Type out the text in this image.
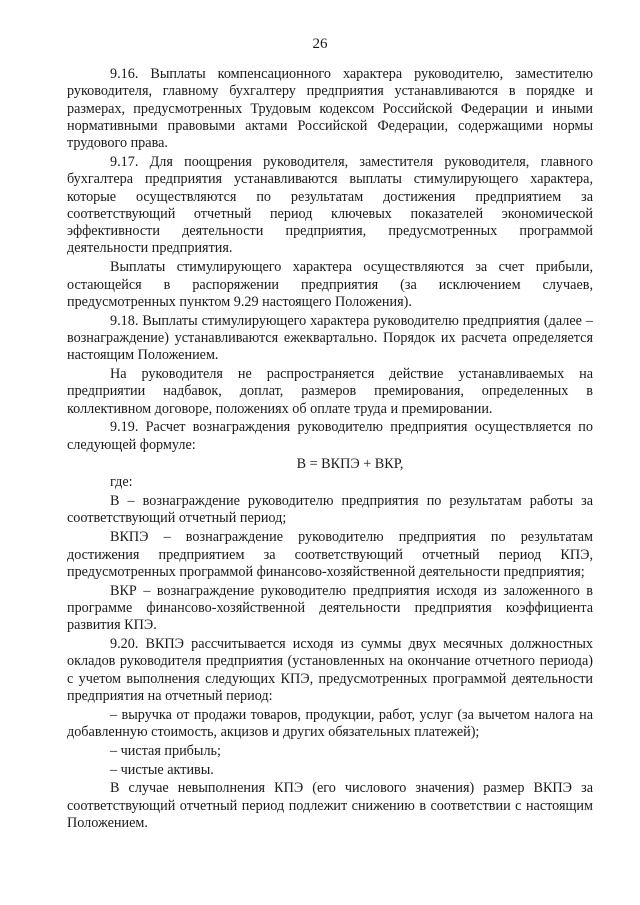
26

9.16. Выплаты компенсационного характера руководителю, заместителю руководителя, главному бухгалтеру предприятия устанавливаются в порядке и размерах, предусмотренных Трудовым кодексом Российской Федерации и иными нормативными правовыми актами Российской Федерации, содержащими нормы трудового права.

9.17. Для поощрения руководителя, заместителя руководителя, главного бухгалтера предприятия устанавливаются выплаты стимулирующего характера, которые осуществляются по результатам достижения предприятием за соответствующий отчетный период ключевых показателей экономической эффективности деятельности предприятия, предусмотренных программой деятельности предприятия.

Выплаты стимулирующего характера осуществляются за счет прибыли, остающейся в распоряжении предприятия (за исключением случаев, предусмотренных пунктом 9.29 настоящего Положения).

9.18. Выплаты стимулирующего характера руководителю предприятия (далее – вознаграждение) устанавливаются ежеквартально. Порядок их расчета определяется настоящим Положением.

На руководителя не распространяется действие устанавливаемых на предприятии надбавок, доплат, размеров премирования, определенных в коллективном договоре, положениях об оплате труда и премировании.

9.19. Расчет вознаграждения руководителю предприятия осуществляется по следующей формуле:

В = ВКПЭ + ВКР,

где:

В – вознаграждение руководителю предприятия по результатам работы за соответствующий отчетный период;

ВКПЭ – вознаграждение руководителю предприятия по результатам достижения предприятием за соответствующий отчетный период КПЭ, предусмотренных программой финансово-хозяйственной деятельности предприятия;

ВКР – вознаграждение руководителю предприятия исходя из заложенного в программе финансово-хозяйственной деятельности предприятия коэффициента развития КПЭ.

9.20. ВКПЭ рассчитывается исходя из суммы двух месячных должностных окладов руководителя предприятия (установленных на окончание отчетного периода) с учетом выполнения следующих КПЭ, предусмотренных программой деятельности предприятия на отчетный период:

– выручка от продажи товаров, продукции, работ, услуг (за вычетом налога на добавленную стоимость, акцизов и других обязательных платежей);

– чистая прибыль;

– чистые активы.

В случае невыполнения КПЭ (его числового значения) размер ВКПЭ за соответствующий отчетный период подлежит снижению в соответствии с настоящим Положением.
